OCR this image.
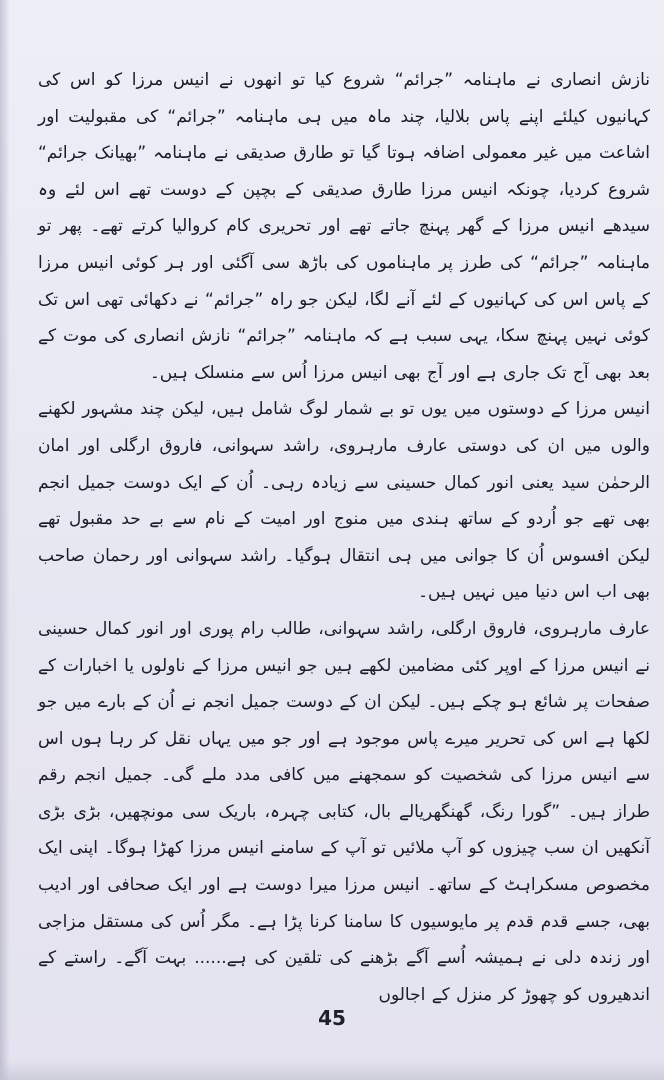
نازش انصاری نے ماہنامہ ”جرائم“ شروع کیا تو انھوں نے انیس مرزا کو اس کی کہانیوں کیلئے اپنے پاس بلالیا، چند ماہ میں ہی ماہنامہ ”جرائم“ کی مقبولیت اور اشاعت میں غیر معمولی اضافہ ہوتا گیا تو طارق صدیقی نے ماہنامہ ”بھیانک جرائم“ شروع کردیا، چونکہ انیس مرزا طارق صدیقی کے بچپن کے دوست تھے اس لئے وہ سیدھے انیس مرزا کے گھر پہنچ جاتے تھے اور تحریری کام کروالیا کرتے تھے۔ پھر تو ماہنامہ ”جرائم“ کی طرز پر ماہناموں کی باڑھ سی آگئی اور ہر کوئی انیس مرزا کے پاس اس کی کہانیوں کے لئے آنے لگا، لیکن جو راہ ”جرائم“ نے دکھائی تھی اس تک کوئی نہیں پہنچ سکا، یہی سبب ہے کہ ماہنامہ ”جرائم“ نازش انصاری کی موت کے بعد بھی آج تک جاری ہے اور آج بھی انیس مرزا اُس سے منسلک ہیں۔

انیس مرزا کے دوستوں میں یوں تو بے شمار لوگ شامل ہیں، لیکن چند مشہور لکھنے والوں میں ان کی دوستی عارف مارہروی، راشد سہوانی، فاروق ارگلی اور امان الرحمٰن سید یعنی انور کمال حسینی سے زیادہ رہی۔ اُن کے ایک دوست جمیل انجم بھی تھے جو اُردو کے ساتھ ہندی میں منوج اور امیت کے نام سے بے حد مقبول تھے لیکن افسوس اُن کا جوانی میں ہی انتقال ہوگیا۔ راشد سہوانی اور رحمان صاحب بھی اب اس دنیا میں نہیں ہیں۔

عارف مارہروی، فاروق ارگلی، راشد سہوانی، طالب رام پوری اور انور کمال حسینی نے انیس مرزا کے اوپر کئی مضامین لکھے ہیں جو انیس مرزا کے ناولوں یا اخبارات کے صفحات پر شائع ہو چکے ہیں۔ لیکن ان کے دوست جمیل انجم نے اُن کے بارے میں جو لکھا ہے اس کی تحریر میرے پاس موجود ہے اور جو میں یہاں نقل کر رہا ہوں اس سے انیس مرزا کی شخصیت کو سمجھنے میں کافی مدد ملے گی۔ جمیل انجم رقم طراز ہیں۔ ”گورا رنگ، گھنگھریالے بال، کتابی چہرہ، باریک سی مونچھیں، بڑی بڑی آنکھیں ان سب چیزوں کو آپ ملائیں تو آپ کے سامنے انیس مرزا کھڑا ہوگا۔ اپنی ایک مخصوص مسکراہٹ کے ساتھ۔ انیس مرزا میرا دوست ہے اور ایک صحافی اور ادیب بھی، جسے قدم قدم پر مایوسیوں کا سامنا کرنا پڑا ہے۔ مگر اُس کی مستقل مزاجی اور زندہ دلی نے ہمیشہ اُسے آگے بڑھنے کی تلقین کی ہے...... بہت آگے۔ راستے کے اندھیروں کو چھوڑ کر منزل کے اجالوں

45
